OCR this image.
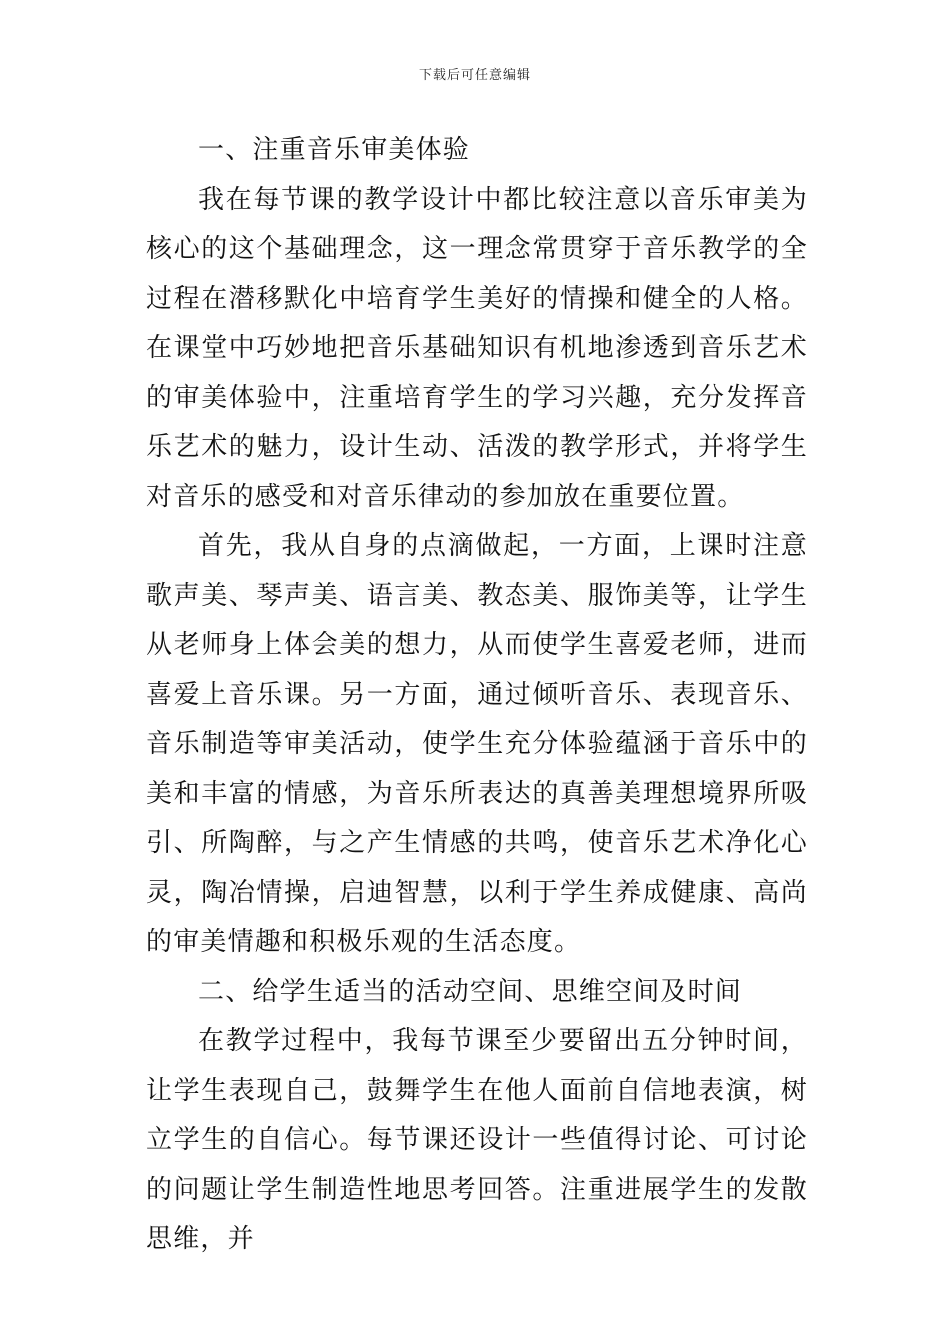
下载后可任意编辑

一、注重音乐审美体验

我在每节课的教学设计中都比较注意以音乐审美为核心的这个基础理念，这一理念常贯穿于音乐教学的全过程在潜移默化中培育学生美好的情操和健全的人格。在课堂中巧妙地把音乐基础知识有机地渗透到音乐艺术的审美体验中，注重培育学生的学习兴趣，充分发挥音乐艺术的魅力，设计生动、活泼的教学形式，并将学生对音乐的感受和对音乐律动的参加放在重要位置。

首先，我从自身的点滴做起，一方面，上课时注意歌声美、琴声美、语言美、教态美、服饰美等，让学生从老师身上体会美的想力，从而使学生喜爱老师，进而喜爱上音乐课。另一方面，通过倾听音乐、表现音乐、音乐制造等审美活动，使学生充分体验蕴涵于音乐中的美和丰富的情感，为音乐所表达的真善美理想境界所吸引、所陶醉，与之产生情感的共鸣，使音乐艺术净化心灵，陶冶情操，启迪智慧，以利于学生养成健康、高尚的审美情趣和积极乐观的生活态度。

二、给学生适当的活动空间、思维空间及时间

在教学过程中，我每节课至少要留出五分钟时间，让学生表现自己，鼓舞学生在他人面前自信地表演，树立学生的自信心。每节课还设计一些值得讨论、可讨论的问题让学生制造性地思考回答。注重进展学生的发散思维，并
